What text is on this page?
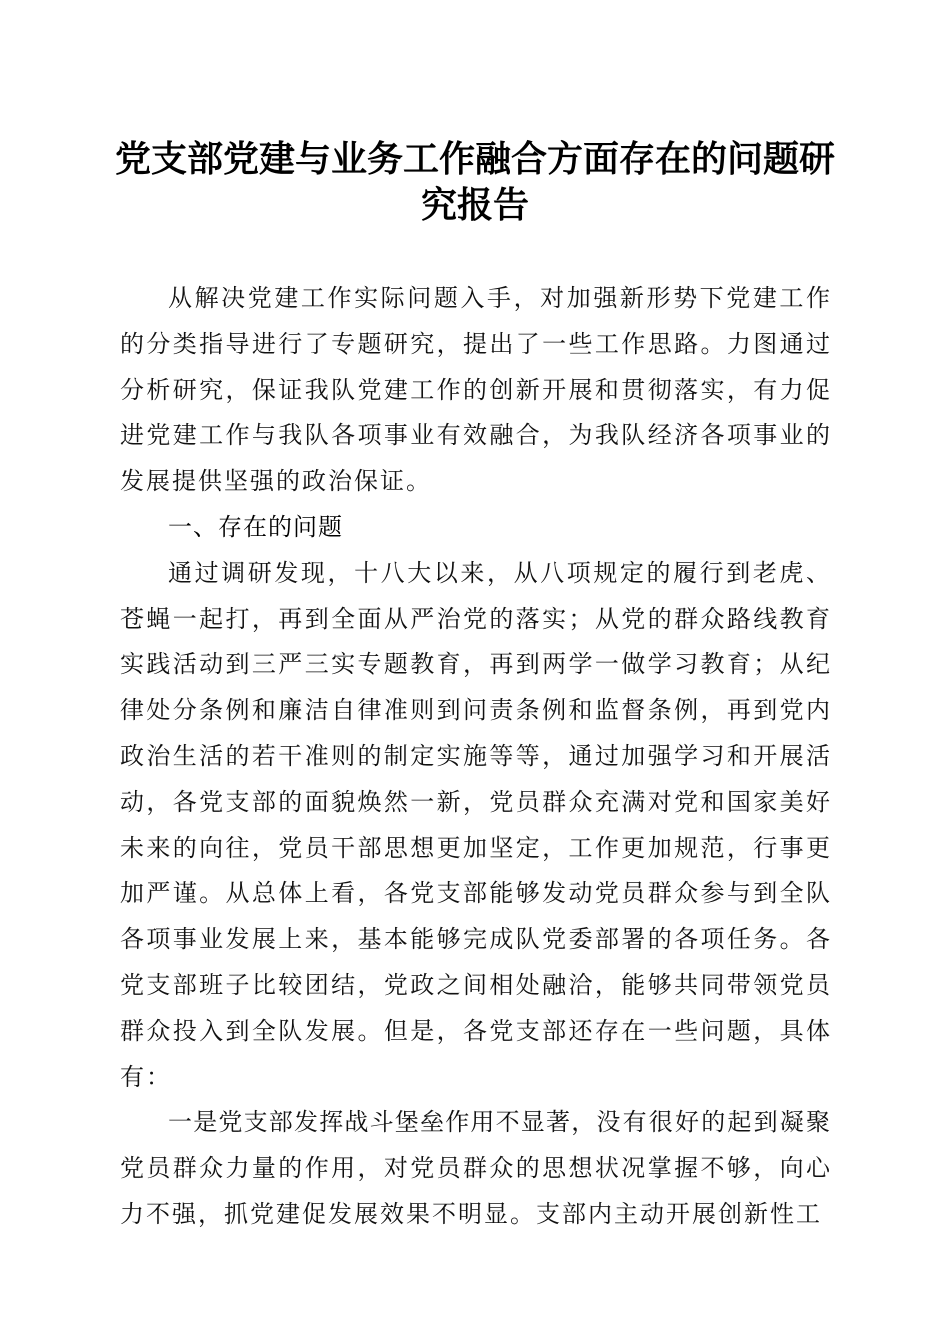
党支部党建与业务工作融合方面存在的问题研究报告

从解决党建工作实际问题入手，对加强新形势下党建工作的分类指导进行了专题研究，提出了一些工作思路。力图通过分析研究，保证我队党建工作的创新开展和贯彻落实，有力促进党建工作与我队各项事业有效融合，为我队经济各项事业的发展提供坚强的政治保证。

一、存在的问题

通过调研发现，十八大以来，从八项规定的履行到老虎、苍蝇一起打，再到全面从严治党的落实；从党的群众路线教育实践活动到三严三实专题教育，再到两学一做学习教育；从纪律处分条例和廉洁自律准则到问责条例和监督条例，再到党内政治生活的若干准则的制定实施等等，通过加强学习和开展活动，各党支部的面貌焕然一新，党员群众充满对党和国家美好未来的向往，党员干部思想更加坚定，工作更加规范，行事更加严谨。从总体上看，各党支部能够发动党员群众参与到全队各项事业发展上来，基本能够完成队党委部署的各项任务。各党支部班子比较团结，党政之间相处融洽，能够共同带领党员群众投入到全队发展。但是，各党支部还存在一些问题，具体有：

一是党支部发挥战斗堡垒作用不显著，没有很好的起到凝聚党员群众力量的作用，对党员群众的思想状况掌握不够，向心力不强，抓党建促发展效果不明显。支部内主动开展创新性工
